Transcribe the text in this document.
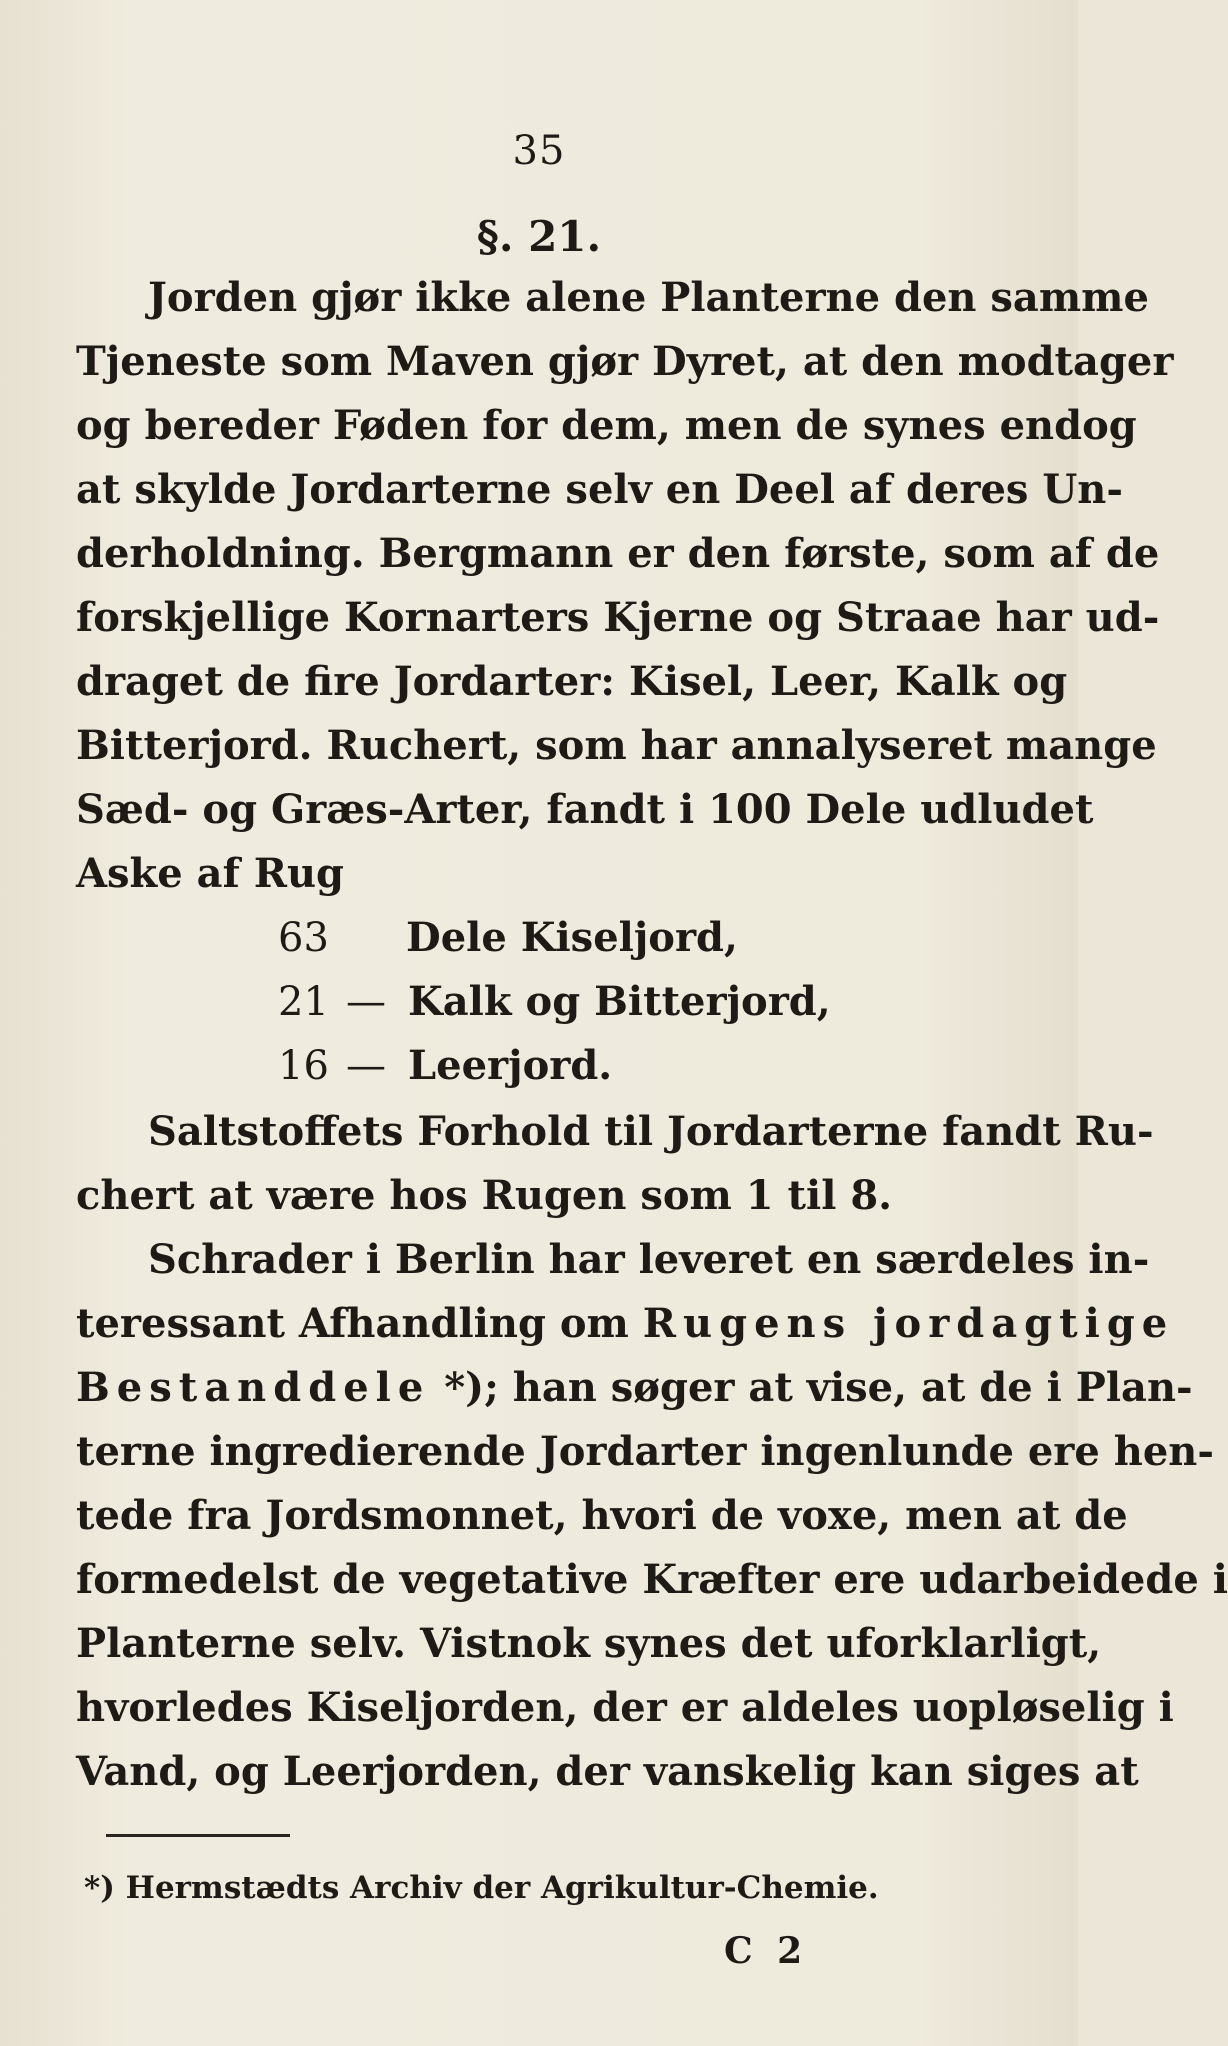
35
§. 21.
Jorden gjør ikke alene Planterne den samme
Tjeneste som Maven gjør Dyret, at den modtager
og bereder Føden for dem, men de synes endog
at skylde Jordarterne selv en Deel af deres Un-
derholdning. Bergmann er den første, som af de
forskjellige Kornarters Kjerne og Straae har ud-
draget de fire Jordarter: Kisel, Leer, Kalk og
Bitterjord. Ruchert, som har annalyseret mange
Sæd- og Græs-Arter, fandt i 100 Dele udludet
Aske af Rug
63 Dele Kiseljord,
21 — Kalk og Bitterjord,
16 — Leerjord.
Saltstoffets Forhold til Jordarterne fandt Ru-
chert at være hos Rugen som 1 til 8.
Schrader i Berlin har leveret en særdeles in-
teressant Afhandling om Rugens jordagtige
Bestanddele *); han søger at vise, at de i Plan-
terne ingredierende Jordarter ingenlunde ere hen-
tede fra Jordsmonnet, hvori de voxe, men at de
formedelst de vegetative Kræfter ere udarbeidede i
Planterne selv. Vistnok synes det uforklarligt,
*) Hermstædts Archiv der Agrikultur-Chemie.
C 2
hvorledes Kiseljorden, der er aldeles uopløselig i
Vand, og Leerjorden, der vanskelig kan siges at
